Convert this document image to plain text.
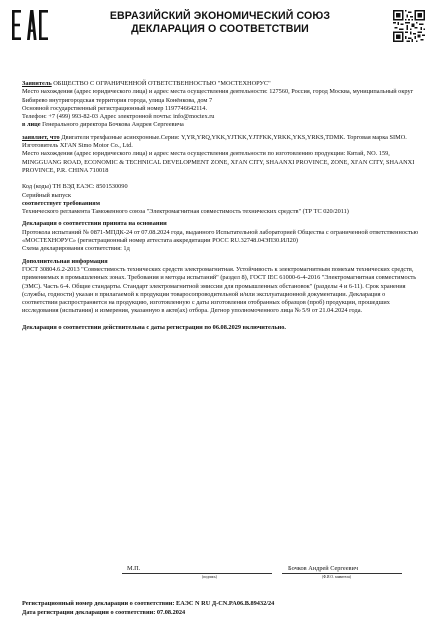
ЕВРАЗИЙСКИЙ ЭКОНОМИЧЕСКИЙ СОЮЗ
ДЕКЛАРАЦИЯ О СООТВЕТСТВИИ

Заявитель ОБЩЕСТВО С ОГРАНИЧЕННОЙ ОТВЕТСТВЕННОСТЬЮ "МОСТЕХНОРУС"

Место нахождения (адрес юридического лица) и адрес места осуществления деятельности: 127560, Россия, город Москва, муниципальный округ Бибирево внутригородская территория города, улица Конёнкова, дом 7

Основной государственный регистрационный номер 1197746642114.

Телефон: +7 (499) 993-82-03 Адрес электронной почты: info@moctex.ru

в лице Генерального директора Бочкова Андрея Сергеевича

заявляет, что Двигатели трехфазные асинхронные.Серии: Y,YR,YRQ,YKK,YJTKK,YJTFKK,YRKK,YKS,YRKS,TDMK. Торговая марка SIMO.

Изготовитель XI'AN Simo Motor Co., Ltd.

Место нахождения (адрес юридического лица) и адрес места осуществления деятельности по изготовлению продукции: Китай, NO. 159, MINGGUANG ROAD, ECONOMIC & TECHNICAL DEVELOPMENT ZONE, XI'AN CITY, SHAANXI PROVINCE, ZONE, XI'AN CITY, SHAANXI PROVINCE, P.R. CHINA 710018

Код (коды) ТН ВЭД ЕАЭС: 8501530090

Серийный выпуск

соответствует требованиям

Технического регламента Таможенного союза "Электромагнитная совместимость технических средств" (ТР ТС 020/2011)

Декларация о соответствии принята на основании

Протокола испытаний № 0871-МПДК-24 от 07.08.2024 года, выданного Испытательной лабораторией Общества с ограниченной ответственностью «МОСТЕХНОРУС» (регистрационный номер аттестата аккредитации РОСС RU.32748.04ЭП30.ИЛ20)

Схема декларирования соответствия: 1д

Дополнительная информация

ГОСТ 30804.6.2-2013 "Совместимость технических средств электромагнитная. Устойчивость к электромагнитным помехам технических средств, применяемых в промышленных зонах. Требования и методы испытаний" (раздел 8), ГОСТ IEC 61000-6-4-2016 "Электромагнитная совместимость (ЭМС). Часть 6-4. Общие стандарты. Стандарт электромагнитной эмиссии для промышленных обстановок" (разделы 4 и 6-11). Срок хранения (службы, годности) указан в прилагаемой к продукции товаросопроводительной и/или эксплуатационной документации. Декларация о соответствии распространяется на продукцию, изготовленную с даты изготовления отобранных образцов (проб) продукции, прошедших исследования (испытания) и измерения, указанную в акте(ах) отбора. Дегнор уполномоченного лица № 5/9 от 21.04.2024 года.

Декларация о соответствии действительна с даты регистрации по 06.08.2029 включительно.

М.П.
(подпись)
Бочков Андрей Сергеевич
(Ф.И.О. заявителя)
Регистрационный номер декларации о соответствии: ЕАЭС N RU Д-CN.PA06.B.89432/24
Дата регистрации декларации о соответствии: 07.08.2024
